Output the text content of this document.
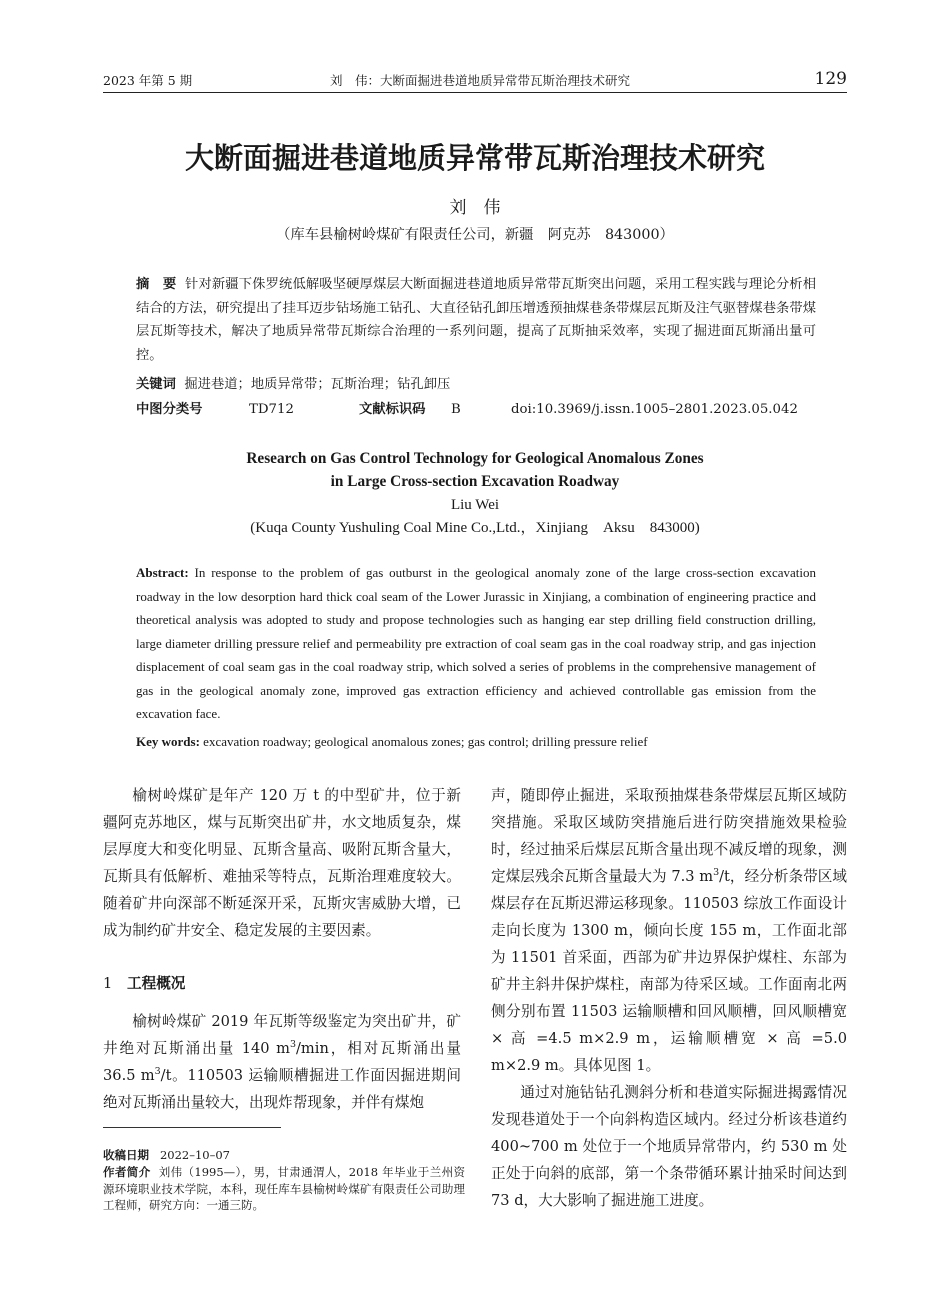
2023 年第 5 期	刘　伟：大断面掘进巷道地质异常带瓦斯治理技术研究	129
大断面掘进巷道地质异常带瓦斯治理技术研究
刘　伟
（库车县榆树岭煤矿有限责任公司，新疆　阿克苏　843000）
摘　要 针对新疆下侏罗统低解吸坚硬厚煤层大断面掘进巷道地质异常带瓦斯突出问题，采用工程实践与理论分析相结合的方法，研究提出了挂耳迈步钻场施工钻孔、大直径钻孔卸压增透预抽煤巷条带煤层瓦斯及注气驱替煤巷条带煤层瓦斯等技术，解决了地质异常带瓦斯综合治理的一系列问题，提高了瓦斯抽采效率，实现了掘进面瓦斯涌出量可控。
关键词 掘进巷道；地质异常带；瓦斯治理；钻孔卸压
中图分类号	TD712	文献标识码 B	doi:10.3969/j.issn.1005–2801.2023.05.042
Research on Gas Control Technology for Geological Anomalous Zones
in Large Cross-section Excavation Roadway
Liu Wei
(Kuqa County Yushuling Coal Mine Co.,Ltd.，Xinjiang　Aksu　843000)
Abstract: In response to the problem of gas outburst in the geological anomaly zone of the large cross-section excavation roadway in the low desorption hard thick coal seam of the Lower Jurassic in Xinjiang, a combination of engineering practice and theoretical analysis was adopted to study and propose technologies such as hanging ear step drilling field construction drilling, large diameter drilling pressure relief and permeability pre extraction of coal seam gas in the coal roadway strip, and gas injection displacement of coal seam gas in the coal roadway strip, which solved a series of problems in the comprehensive management of gas in the geological anomaly zone, improved gas extraction efficiency and achieved controllable gas emission from the excavation face.
Key words: excavation roadway; geological anomalous zones; gas control; drilling pressure relief

榆树岭煤矿是年产 120 万 t 的中型矿井，位于新疆阿克苏地区，煤与瓦斯突出矿井，水文地质复杂，煤层厚度大和变化明显、瓦斯含量高、吸附瓦斯含量大，瓦斯具有低解析、难抽采等特点，瓦斯治理难度较大。随着矿井向深部不断延深开采，瓦斯灾害威胁大增，已成为制约矿井安全、稳定发展的主要因素。

1 工程概况

榆树岭煤矿 2019 年瓦斯等级鉴定为突出矿井，矿井绝对瓦斯涌出量 140 $m^3/\min$，相对瓦斯涌出量 36.5 $m^3/t$。110503 运输顺槽掘进工作面因掘进期间绝对瓦斯涌出量较大，出现炸帮现象，并伴有煤炮

收稿日期 2022–10–07
作者简介 刘伟（1995—），男，甘肃通渭人，2018 年毕业于兰州资源环境职业技术学院，本科，现任库车县榆树岭煤矿有限责任公司助理工程师，研究方向：一通三防。

声，随即停止掘进，采取预抽煤巷条带煤层瓦斯区域防突措施。采取区域防突措施后进行防突措施效果检验时，经过抽采后煤层瓦斯含量出现不减反增的现象，测定煤层残余瓦斯含量最大为 7.3 $m^3/t$，经分析条带区域煤层存在瓦斯迟滞运移现象。110503 综放工作面设计走向长度为 1300 m，倾向长度 155 m，工作面北部为 11501 首采面，西部为矿井边界保护煤柱、东部为矿井主斜井保护煤柱，南部为待采区域。工作面南北两侧分别布置 11503 运输顺槽和回风顺槽，回风顺槽宽 × 高 =4.5 m×2.9 m，运输顺槽宽 × 高 =5.0 m×2.9 m。具体见图 1。

通过对施钻钻孔测斜分析和巷道实际掘进揭露情况发现巷道处于一个向斜构造区域内。经过分析该巷道约 400~700 m 处位于一个地质异常带内，约 530 m 处正处于向斜的底部，第一个条带循环累计抽采时间达到 73 d，大大影响了掘进施工进度。
